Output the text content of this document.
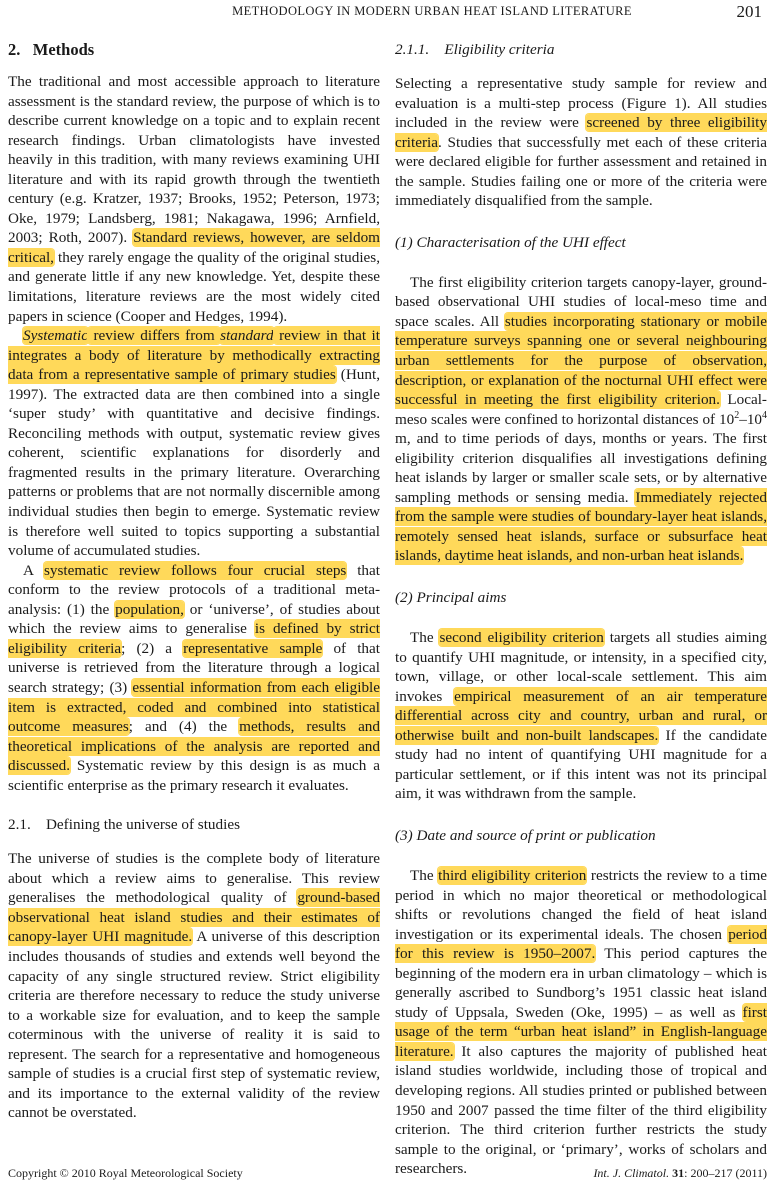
METHODOLOGY IN MODERN URBAN HEAT ISLAND LITERATURE	201
2. Methods

The traditional and most accessible approach to literature assessment is the standard review, the purpose of which is to describe current knowledge on a topic and to explain recent research findings. Urban climatologists have invested heavily in this tradition, with many reviews examining UHI literature and with its rapid growth through the twentieth century (e.g. Kratzer, 1937; Brooks, 1952; Peterson, 1973; Oke, 1979; Landsberg, 1981; Nakagawa, 1996; Arnfield, 2003; Roth, 2007). Standard reviews, however, are seldom critical, they rarely engage the quality of the original studies, and generate little if any new knowledge. Yet, despite these limitations, literature reviews are the most widely cited papers in science (Cooper and Hedges, 1994).

Systematic review differs from standard review in that it integrates a body of literature by methodically extracting data from a representative sample of primary studies (Hunt, 1997). The extracted data are then combined into a single ‘super study’ with quantitative and decisive findings. Reconciling methods with output, systematic review gives coherent, scientific explanations for disorderly and fragmented results in the primary literature. Overarching patterns or problems that are not normally discernible among individual studies then begin to emerge. Systematic review is therefore well suited to topics supporting a substantial volume of accumulated studies.

A systematic review follows four crucial steps that conform to the review protocols of a traditional meta-analysis: (1) the population, or ‘universe’, of studies about which the review aims to generalise is defined by strict eligibility criteria; (2) a representative sample of that universe is retrieved from the literature through a logical search strategy; (3) essential information from each eligible item is extracted, coded and combined into statistical outcome measures; and (4) the methods, results and theoretical implications of the analysis are reported and discussed. Systematic review by this design is as much a scientific enterprise as the primary research it evaluates.

2.1. Defining the universe of studies

The universe of studies is the complete body of literature about which a review aims to generalise. This review generalises the methodological quality of ground-based observational heat island studies and their estimates of canopy-layer UHI magnitude. A universe of this description includes thousands of studies and extends well beyond the capacity of any single structured review. Strict eligibility criteria are therefore necessary to reduce the study universe to a workable size for evaluation, and to keep the sample coterminous with the universe of reality it is said to represent. The search for a representative and homogeneous sample of studies is a crucial first step of systematic review, and its importance to the external validity of the review cannot be overstated.

2.1.1. Eligibility criteria

Selecting a representative study sample for review and evaluation is a multi-step process (Figure 1). All studies included in the review were screened by three eligibility criteria. Studies that successfully met each of these criteria were declared eligible for further assessment and retained in the sample. Studies failing one or more of the criteria were immediately disqualified from the sample.

(1) Characterisation of the UHI effect

The first eligibility criterion targets canopy-layer, ground-based observational UHI studies of local-meso time and space scales. All studies incorporating stationary or mobile temperature surveys spanning one or several neighbouring urban settlements for the purpose of observation, description, or explanation of the nocturnal UHI effect were successful in meeting the first eligibility criterion. Local-meso scales were confined to horizontal distances of $10^2-10^4$ m, and to time periods of days, months or years. The first eligibility criterion disqualifies all investigations defining heat islands by larger or smaller scale sets, or by alternative sampling methods or sensing media. Immediately rejected from the sample were studies of boundary-layer heat islands, remotely sensed heat islands, surface or subsurface heat islands, daytime heat islands, and non-urban heat islands.

(2) Principal aims

The second eligibility criterion targets all studies aiming to quantify UHI magnitude, or intensity, in a specified city, town, village, or other local-scale settlement. This aim invokes empirical measurement of an air temperature differential across city and country, urban and rural, or otherwise built and non-built landscapes. If the candidate study had no intent of quantifying UHI magnitude for a particular settlement, or if this intent was not its principal aim, it was withdrawn from the sample.

(3) Date and source of print or publication

The third eligibility criterion restricts the review to a time period in which no major theoretical or methodological shifts or revolutions changed the field of heat island investigation or its experimental ideals. The chosen period for this review is 1950–2007. This period captures the beginning of the modern era in urban climatology – which is generally ascribed to Sundborg’s 1951 classic heat island study of Uppsala, Sweden (Oke, 1995) – as well as first usage of the term “urban heat island” in English-language literature. It also captures the majority of published heat island studies worldwide, including those of tropical and developing regions. All studies printed or published between 1950 and 2007 passed the time filter of the third eligibility criterion. The third criterion further restricts the study sample to the original, or ‘primary’, works of scholars and researchers.

Copyright © 2010 Royal Meteorological Society	Int. J. Climatol. 31: 200–217 (2011)
